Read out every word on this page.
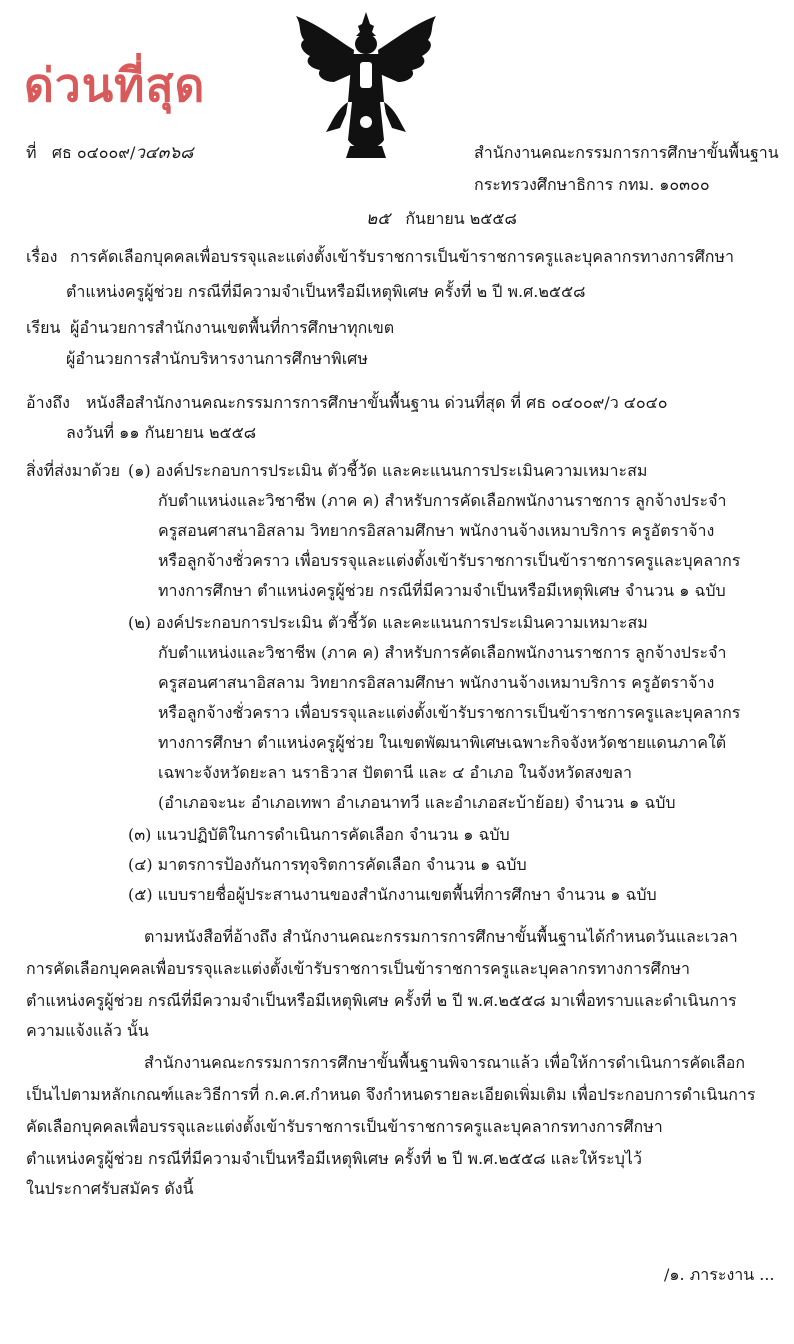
ด่วนที่สุด
ที่ ศธ ๐๔๐๐๙/ว๔๓๖๘	สำนักงานคณะกรรมการการศึกษาขั้นพื้นฐาน
กระทรวงศึกษาธิการ กทม. ๑๐๓๐๐
๒๕ กันยายน ๒๕๕๘
เรื่อง การคัดเลือกบุคคลเพื่อบรรจุและแต่งตั้งเข้ารับราชการเป็นข้าราชการครูและบุคลากรทางการศึกษา
ตำแหน่งครูผู้ช่วย กรณีที่มีความจำเป็นหรือมีเหตุพิเศษ ครั้งที่ ๒ ปี พ.ศ.๒๕๕๘
เรียน ผู้อำนวยการสำนักงานเขตพื้นที่การศึกษาทุกเขต
ผู้อำนวยการสำนักบริหารงานการศึกษาพิเศษ
อ้างถึง หนังสือสำนักงานคณะกรรมการการศึกษาขั้นพื้นฐาน ด่วนที่สุด ที่ ศธ ๐๔๐๐๙/ว ๔๐๔๐
ลงวันที่ ๑๑ กันยายน ๒๕๕๘
สิ่งที่ส่งมาด้วย (๑) องค์ประกอบการประเมิน ตัวชี้วัด และคะแนนการประเมินความเหมาะสม
กับตำแหน่งและวิชาชีพ (ภาค ค) สำหรับการคัดเลือกพนักงานราชการ ลูกจ้างประจำ
ครูสอนศาสนาอิสลาม วิทยากรอิสลามศึกษา พนักงานจ้างเหมาบริการ ครูอัตราจ้าง
หรือลูกจ้างชั่วคราว เพื่อบรรจุและแต่งตั้งเข้ารับราชการเป็นข้าราชการครูและบุคลากร
ทางการศึกษา ตำแหน่งครูผู้ช่วย กรณีที่มีความจำเป็นหรือมีเหตุพิเศษ จำนวน ๑ ฉบับ
(๒) องค์ประกอบการประเมิน ตัวชี้วัด และคะแนนการประเมินความเหมาะสม
กับตำแหน่งและวิชาชีพ (ภาค ค) สำหรับการคัดเลือกพนักงานราชการ ลูกจ้างประจำ
ครูสอนศาสนาอิสลาม วิทยากรอิสลามศึกษา พนักงานจ้างเหมาบริการ ครูอัตราจ้าง
หรือลูกจ้างชั่วคราว เพื่อบรรจุและแต่งตั้งเข้ารับราชการเป็นข้าราชการครูและบุคลากร
ทางการศึกษา ตำแหน่งครูผู้ช่วย ในเขตพัฒนาพิเศษเฉพาะกิจจังหวัดชายแดนภาคใต้
เฉพาะจังหวัดยะลา นราธิวาส ปัตตานี และ ๔ อำเภอ ในจังหวัดสงขลา
(อำเภอจะนะ อำเภอเทพา อำเภอนาทวี และอำเภอสะบ้าย้อย) จำนวน ๑ ฉบับ
(๓) แนวปฏิบัติในการดำเนินการคัดเลือก จำนวน ๑ ฉบับ
(๔) มาตรการป้องกันการทุจริตการคัดเลือก จำนวน ๑ ฉบับ
(๕) แบบรายชื่อผู้ประสานงานของสำนักงานเขตพื้นที่การศึกษา จำนวน ๑ ฉบับ
ตามหนังสือที่อ้างถึง สำนักงานคณะกรรมการการศึกษาขั้นพื้นฐานได้กำหนดวันและเวลา
การคัดเลือกบุคคลเพื่อบรรจุและแต่งตั้งเข้ารับราชการเป็นข้าราชการครูและบุคลากรทางการศึกษา
ตำแหน่งครูผู้ช่วย กรณีที่มีความจำเป็นหรือมีเหตุพิเศษ ครั้งที่ ๒ ปี พ.ศ.๒๕๕๘ มาเพื่อทราบและดำเนินการ
ความแจ้งแล้ว นั้น
สำนักงานคณะกรรมการการศึกษาขั้นพื้นฐานพิจารณาแล้ว เพื่อให้การดำเนินการคัดเลือก
เป็นไปตามหลักเกณฑ์และวิธีการที่ ก.ค.ศ.กำหนด จึงกำหนดรายละเอียดเพิ่มเติม เพื่อประกอบการดำเนินการ
คัดเลือกบุคคลเพื่อบรรจุและแต่งตั้งเข้ารับราชการเป็นข้าราชการครูและบุคลากรทางการศึกษา
ตำแหน่งครูผู้ช่วย กรณีที่มีความจำเป็นหรือมีเหตุพิเศษ ครั้งที่ ๒ ปี พ.ศ.๒๕๕๘ และให้ระบุไว้
ในประกาศรับสมัคร ดังนี้
/๑. ภาระงาน ...
